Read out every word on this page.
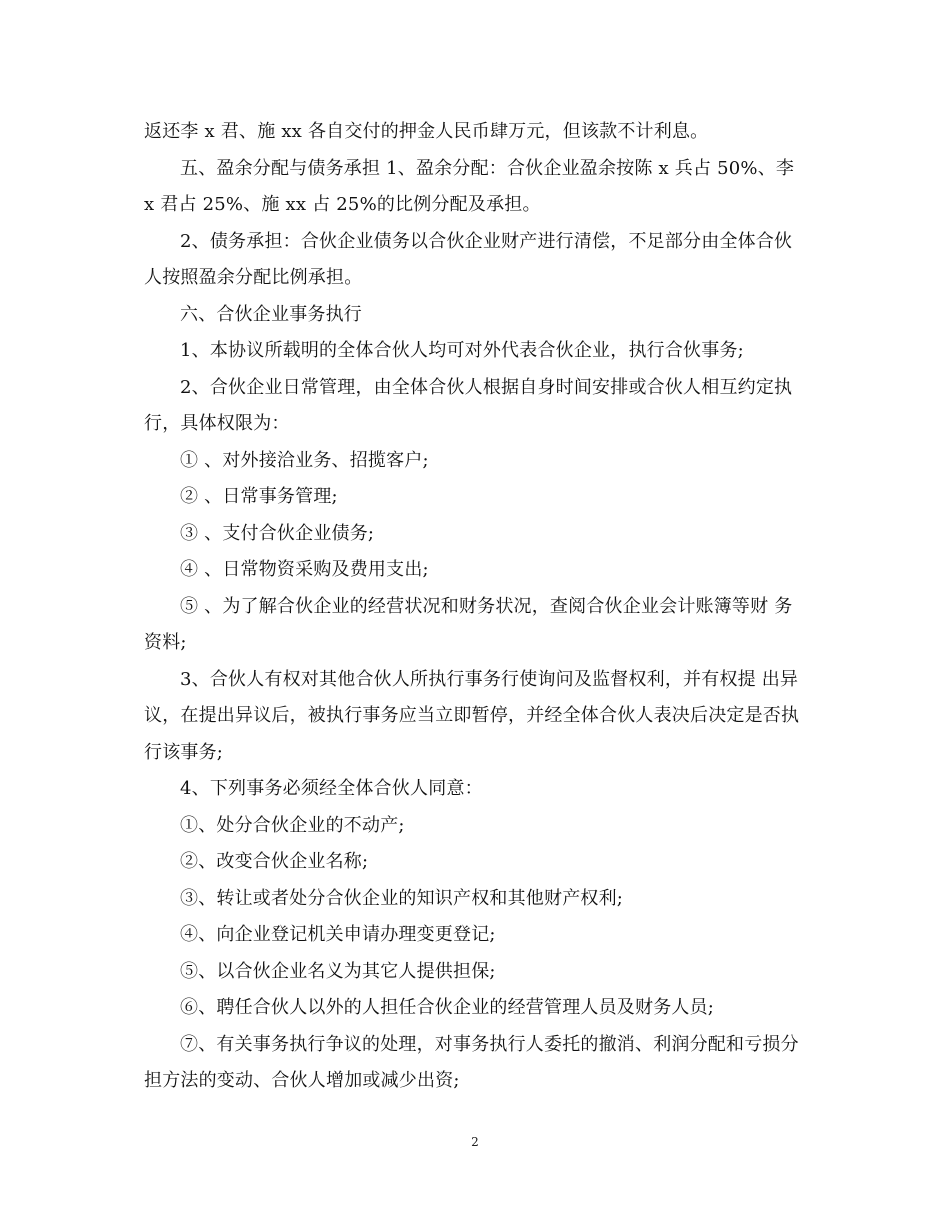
返还李 x 君、施 xx 各自交付的押金人民币肆万元，但该款不计利息。

五、盈余分配与债务承担 1、盈余分配：合伙企业盈余按陈 x 兵占 50%、李 x 君占 25%、施 xx 占 25%的比例分配及承担。

2、债务承担：合伙企业债务以合伙企业财产进行清偿，不足部分由全体合伙人按照盈余分配比例承担。

六、合伙企业事务执行

1、本协议所载明的全体合伙人均可对外代表合伙企业，执行合伙事务;

2、合伙企业日常管理，由全体合伙人根据自身时间安排或合伙人相互约定执行，具体权限为：

① 、对外接洽业务、招揽客户;

② 、日常事务管理;

③ 、支付合伙企业债务;

④ 、日常物资采购及费用支出;

⑤ 、为了解合伙企业的经营状况和财务状况，查阅合伙企业会计账簿等财 务资料;

3、合伙人有权对其他合伙人所执行事务行使询问及监督权利，并有权提 出异议，在提出异议后，被执行事务应当立即暂停，并经全体合伙人表决后决定是否执行该事务;

4、下列事务必须经全体合伙人同意：

①、处分合伙企业的不动产;

②、改变合伙企业名称;

③、转让或者处分合伙企业的知识产权和其他财产权利;

④、向企业登记机关申请办理变更登记;

⑤、以合伙企业名义为其它人提供担保;

⑥、聘任合伙人以外的人担任合伙企业的经营管理人员及财务人员;

⑦、有关事务执行争议的处理，对事务执行人委托的撤消、利润分配和亏损分担方法的变动、合伙人增加或减少出资;

2
